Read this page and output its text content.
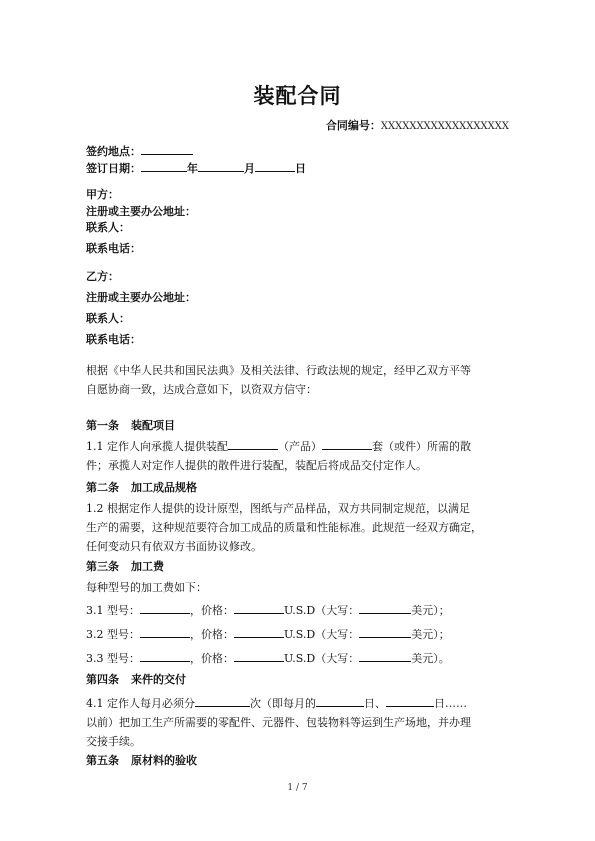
装配合同
合同编号：XXXXXXXXXXXXXXXXXX
签约地点：
签订日期：	年	月	日
甲方：
注册或主要办公地址：
联系人：
联系电话：
乙方：
注册或主要办公地址：
联系人：
联系电话：
根据《中华人民共和国民法典》及相关法律、行政法规的规定，经甲乙双方平等
自愿协商一致，达成合意如下，以资双方信守：
第一条 装配项目
1.1 定作人向承揽人提供装配	（产品）	套（或件）所需的散
件；承揽人对定作人提供的散件进行装配，装配后将成品交付定作人。
第二条 加工成品规格
1.2 根据定作人提供的设计原型，图纸与产品样品，双方共同制定规范，以满足
生产的需要，这种规范要符合加工成品的质量和性能标准。此规范一经双方确定，
任何变动只有依双方书面协议修改。
第三条 加工费
每种型号的加工费如下：
3.1 型号：	，价格：	U.S.D（大写：	美元）；
3.2 型号：	，价格：	U.S.D（大写：	美元）；
3.3 型号：	，价格：	U.S.D（大写：	美元）。
第四条 来件的交付
4.1 定作人每月必须分	次（即每月的	日、	日……
以前）把加工生产所需要的零配件、元器件、包装物料等运到生产场地，并办理
交接手续。
第五条 原材料的验收
1 / 7
